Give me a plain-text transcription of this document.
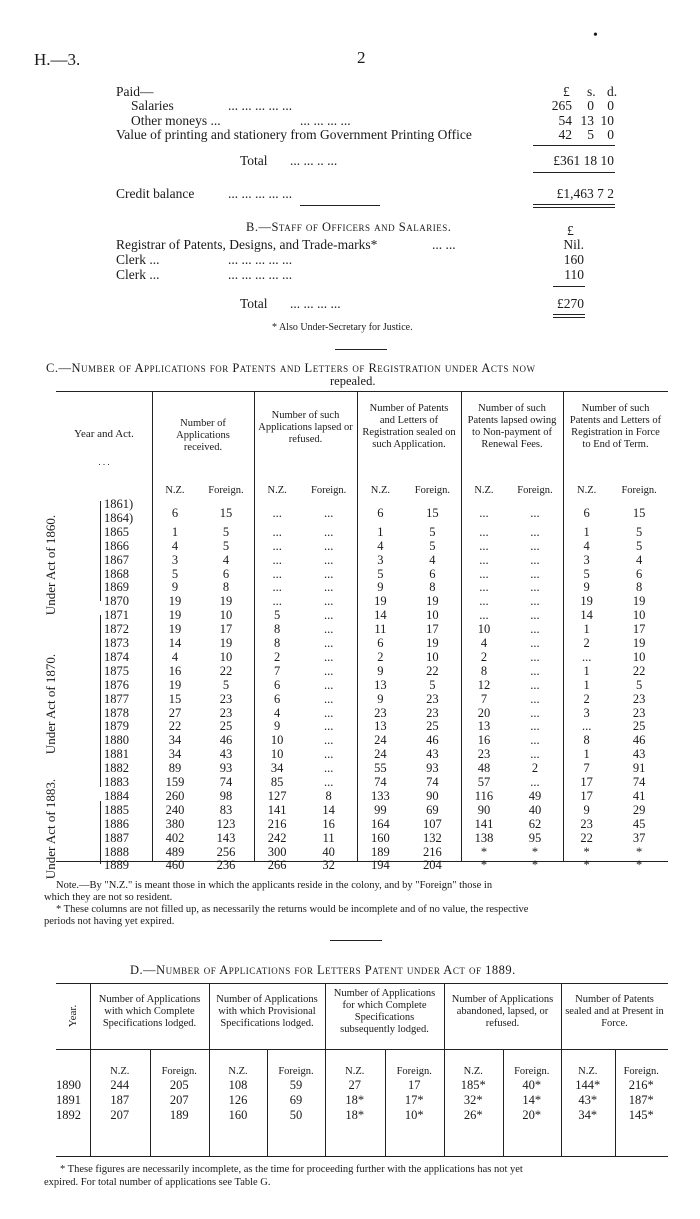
H.—3.	2
•
Paid—	£ s. d.
Salaries	... ... ... ... ...	265	0 0
Other moneys ...	... ... ... ...	54 13 10
Value of printing and stationery from Government Printing Office	42	5 0
Total ... ... .. ...	£361 18 10
Credit balance ... ... ... ... ...	£1,463 7 2
B.—Staff of Officers and Salaries.	£
Registrar of Patents, Designs, and Trade-marks*	... ...	Nil.
Clerk ...	... ... ... ... ...	160
Clerk ...	... ... ... ... ...	110
Total ... ... ... ...	£270
* Also Under-Secretary for Justice.
C.—Number of Applications for Patents and Letters of Registration under Acts now
repealed.
Note.—By "N.Z." is meant those in which the applicants reside in the colony, and by "Foreign" those in
which they are not so resident.
* These columns are not filled up, as necessarily the returns would be incomplete and of no value, the respective
periods not having yet expired.
D.—Number of Applications for Letters Patent under Act of 1889.
* These figures are necessarily incomplete, as the time for proceeding further with the applications has not yet
expired. For total number of applications see Table G.
Year and Act.
. . .
Number of Applications received.
Number of such Applications lapsed or refused.
Number of Patents and Letters of Registration sealed on such Application.
Number of such Patents lapsed owing to Non-payment of Renewal Fees.
Number of such Patents and Letters of Registration in Force to End of Term.
N.Z.	Foreign.	N.Z.	Foreign.	N.Z.	Foreign.	N.Z.	Foreign.	N.Z.	Foreign.
1861)
1864)	6	15	...	...	6	15	...	...	6	15
1865	1	5	...	...	1	5	...	...	1	5
1866	4	5	...	...	4	5	...	...	4	5
1867	3	4	...	...	3	4	...	...	3	4
1868	5	6	...	...	5	6	...	...	5	6
1869	9	8	...	...	9	8	...	...	9	8
1870	19	19	...	...	19	19	...	...	19	19
1871	19	10	5	...	14	10	...	...	14	10
1872	19	17	8	...	11	17	10	...	1	17
1873	14	19	8	...	6	19	4	...	2	19
1874	4	10	2	...	2	10	2	...	...	10
1875	16	22	7	...	9	22	8	...	1	22
1876	19	5	6	...	13	5	12	...	1	5
1877	15	23	6	...	9	23	7	...	2	23
1878	27	23	4	...	23	23	20	...	3	23
1879	22	25	9	...	13	25	13	...	...	25
1880	34	46	10	...	24	46	16	...	8	46
1881	34	43	10	...	24	43	23	...	1	43
1882	89	93	34	...	55	93	48	2	7	91
1883	159	74	85	...	74	74	57	...	17	74
1884	260	98	127	8	133	90	116	49	17	41
1885	240	83	141	14	99	69	90	40	9	29
1886	380	123	216	16	164	107	141	62	23	45
1887	402	143	242	11	160	132	138	95	22	37
1888	489	256	300	40	189	216	*	*	*	*
1889	460	236	266	32	194	204	*	*	*	*
Under Act of 1860.
Under Act of 1870.
Under Act of 1883.
Year.
Number of Applications with which Complete Specifications lodged.
Number of Applications with which Provisional Specifications lodged.
Number of Applications for which Complete Specifications subsequently lodged.
Number of Applications abandoned, lapsed, or refused.
Number of Patents sealed and at Present in Force.
N.Z.	Foreign.	N.Z.	Foreign.	N.Z.	Foreign.	N.Z.	Foreign.	N.Z.	Foreign.
1890	244	205	108	59	27	17	185*	40*	144*	216*
1891	187	207	126	69	18*	17*	32*	14*	43*	187*
1892	207	189	160	50	18*	10*	26*	20*	34*	145*
